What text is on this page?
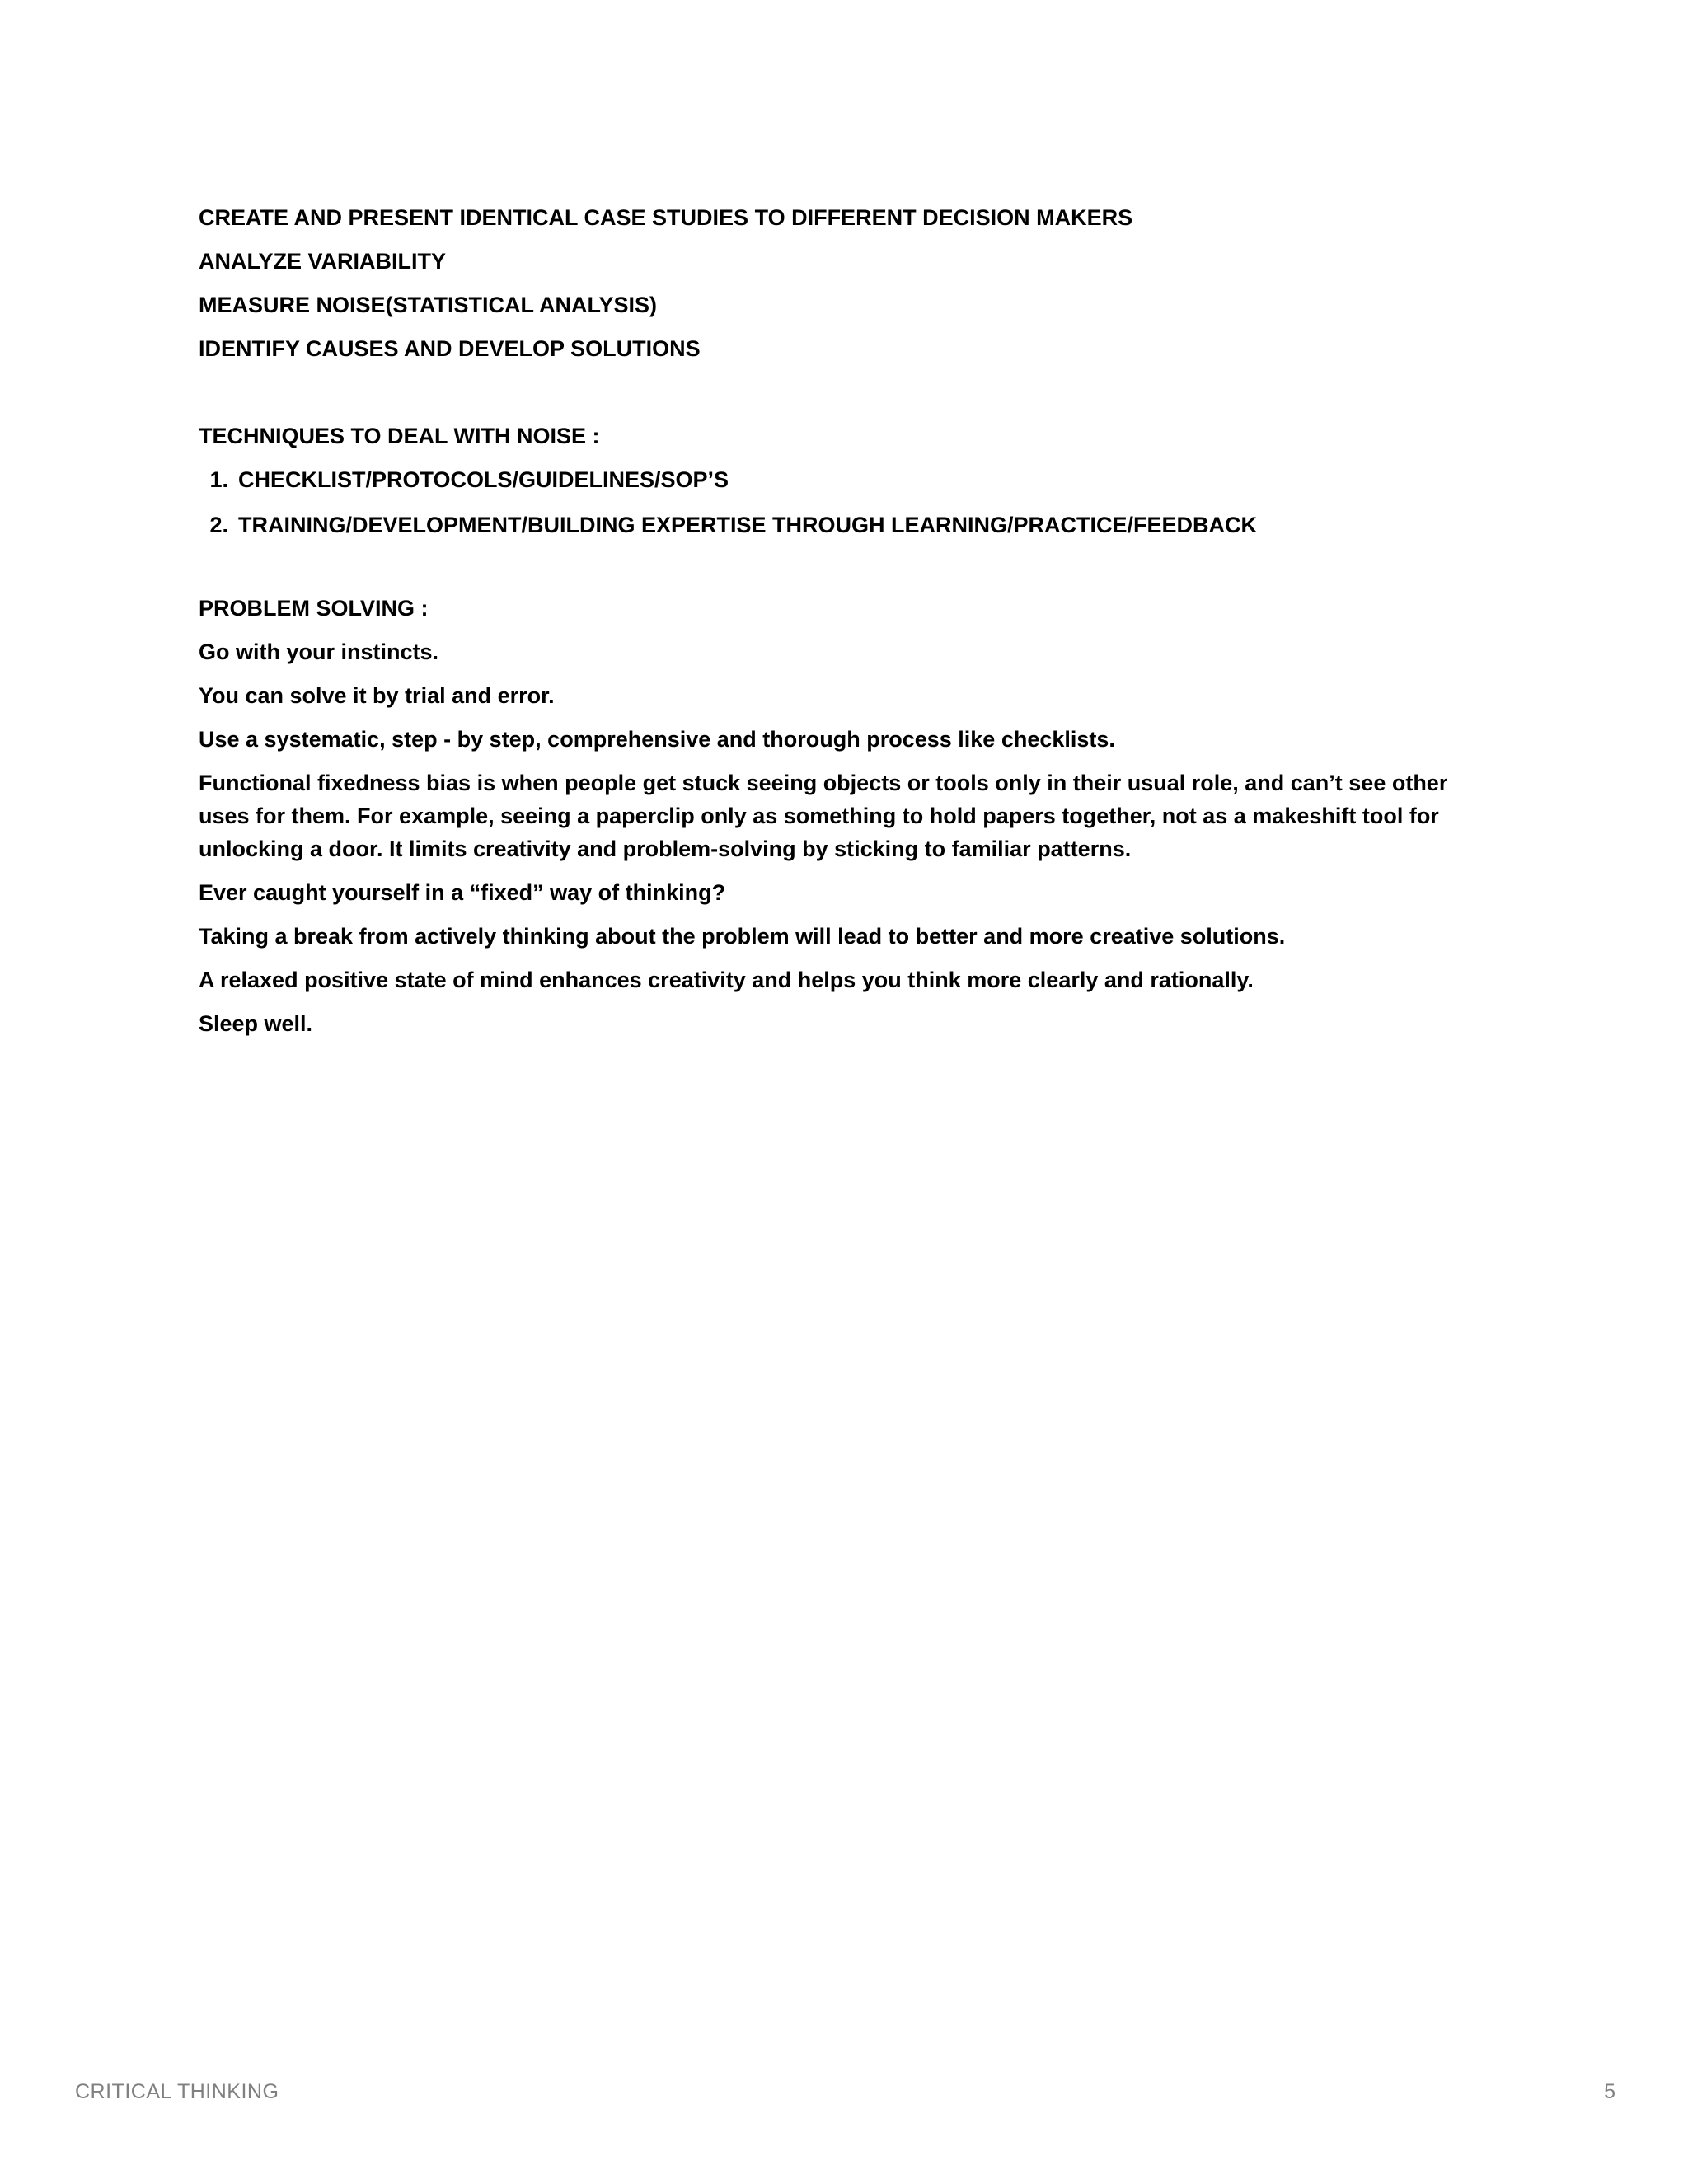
CREATE AND PRESENT IDENTICAL CASE STUDIES TO DIFFERENT DECISION MAKERS
ANALYZE VARIABILITY
MEASURE NOISE(STATISTICAL ANALYSIS)
IDENTIFY CAUSES AND DEVELOP SOLUTIONS
TECHNIQUES TO DEAL WITH NOISE :
1. CHECKLIST/PROTOCOLS/GUIDELINES/SOP’S
2. TRAINING/DEVELOPMENT/BUILDING EXPERTISE THROUGH LEARNING/PRACTICE/FEEDBACK
PROBLEM SOLVING :
Go with your instincts.
You can solve it by trial and error.
Use a systematic, step - by step, comprehensive and thorough process like checklists.
Functional fixedness bias is when people get stuck seeing objects or tools only in their usual role, and can’t see other uses for them. For example, seeing a paperclip only as something to hold papers together, not as a makeshift tool for unlocking a door. It limits creativity and problem-solving by sticking to familiar patterns.
Ever caught yourself in a “fixed” way of thinking?
Taking a break from actively thinking about the problem will lead to better and more creative solutions.
A relaxed positive state of mind enhances creativity and helps you think more clearly and rationally.
Sleep well.
CRITICAL THINKING	5
